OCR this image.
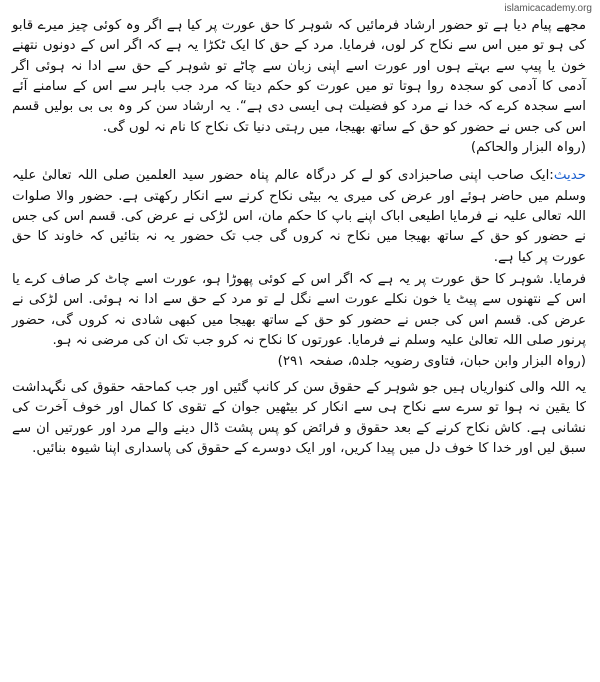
islamicacademy.org

مجھے پیام دیا ہے تو حضور ارشاد فرمائیں کہ شوہر کا حق عورت پر کیا ہے اگر وہ کوئی چیز میرے قابو کی ہو تو میں اس سے نکاح کر لوں، فرمایا. مرد کے حق کا ایک ٹکڑا یہ ہے کہ اگر اس کے دونوں نتھنے خون یا پیپ سے بہتے ہوں اور عورت اسے اپنی زبان سے چاٹے تو شوہر کے حق سے ادا نہ ہوئی اگر آدمی کا آدمی کو سجدہ روا ہوتا تو میں عورت کو حکم دیتا کہ مرد جب باہر سے اس کے سامنے آئے اسے سجدہ کرے کہ خدا نے مرد کو فضیلت ہی ایسی دی ہے“. یہ ارشاد سن کر وہ بی بی بولیں قسم اس کی جس نے حضور کو حق کے ساتھ بھیجا، میں رہتی دنیا تک نکاح کا نام نہ لوں گی.
(رواہ البزار والحاکم)

حدیث:ایک صاحب اپنی صاحبزادی کو لے کر درگاہ عالم پناہ حضور سید العلمین صلی اللہ تعالیٰ علیہ وسلم میں حاضر ہوئے اور عرض کی میری یہ بیٹی نکاح کرنے سے انکار رکھتی ہے. حضور والا صلوات اللہ تعالی علیہ نے فرمایا اطیعی اباک اپنے باپ کا حکم مان، اس لڑکی نے عرض کی. قسم اس کی جس نے حضور کو حق کے ساتھ بھیجا میں نکاح نہ کروں گی جب تک حضور یہ نہ بتائیں کہ خاوند کا حق عورت پر کیا ہے.

فرمایا. شوہر کا حق عورت پر یہ ہے کہ اگر اس کے کوئی پھوڑا ہو، عورت اسے چاٹ کر صاف کرے یا اس کے نتھنوں سے پیٹ یا خون نکلے عورت اسے نگل لے تو مرد کے حق سے ادا نہ ہوئی. اس لڑکی نے عرض کی. قسم اس کی جس نے حضور کو حق کے ساتھ بھیجا میں کبھی شادی نہ کروں گی، حضور پرنور صلی اللہ تعالیٰ علیہ وسلم نے فرمایا. عورتوں کا نکاح نہ کرو جب تک ان کی مرضی نہ ہو.
(رواہ البزار وابن حبان، فتاوی رضویہ جلد۵، صفحہ ۲۹۱)

یہ اللہ والی کنواریاں ہیں جو شوہر کے حقوق سن کر کانپ گئیں اور جب کماحقہ حقوق کی نگہداشت کا یقین نہ ہوا تو سرے سے نکاح ہی سے انکار کر بیٹھیں جوان کے تقوی کا کمال اور خوف آخرت کی نشانی ہے. کاش نکاح کرنے کے بعد حقوق و فرائض کو پس پشت ڈال دینے والے مرد اور عورتیں ان سے سبق لیں اور خدا کا خوف دل میں پیدا کریں، اور ایک دوسرے کے حقوق کی پاسداری اپنا شیوہ بنائیں.
